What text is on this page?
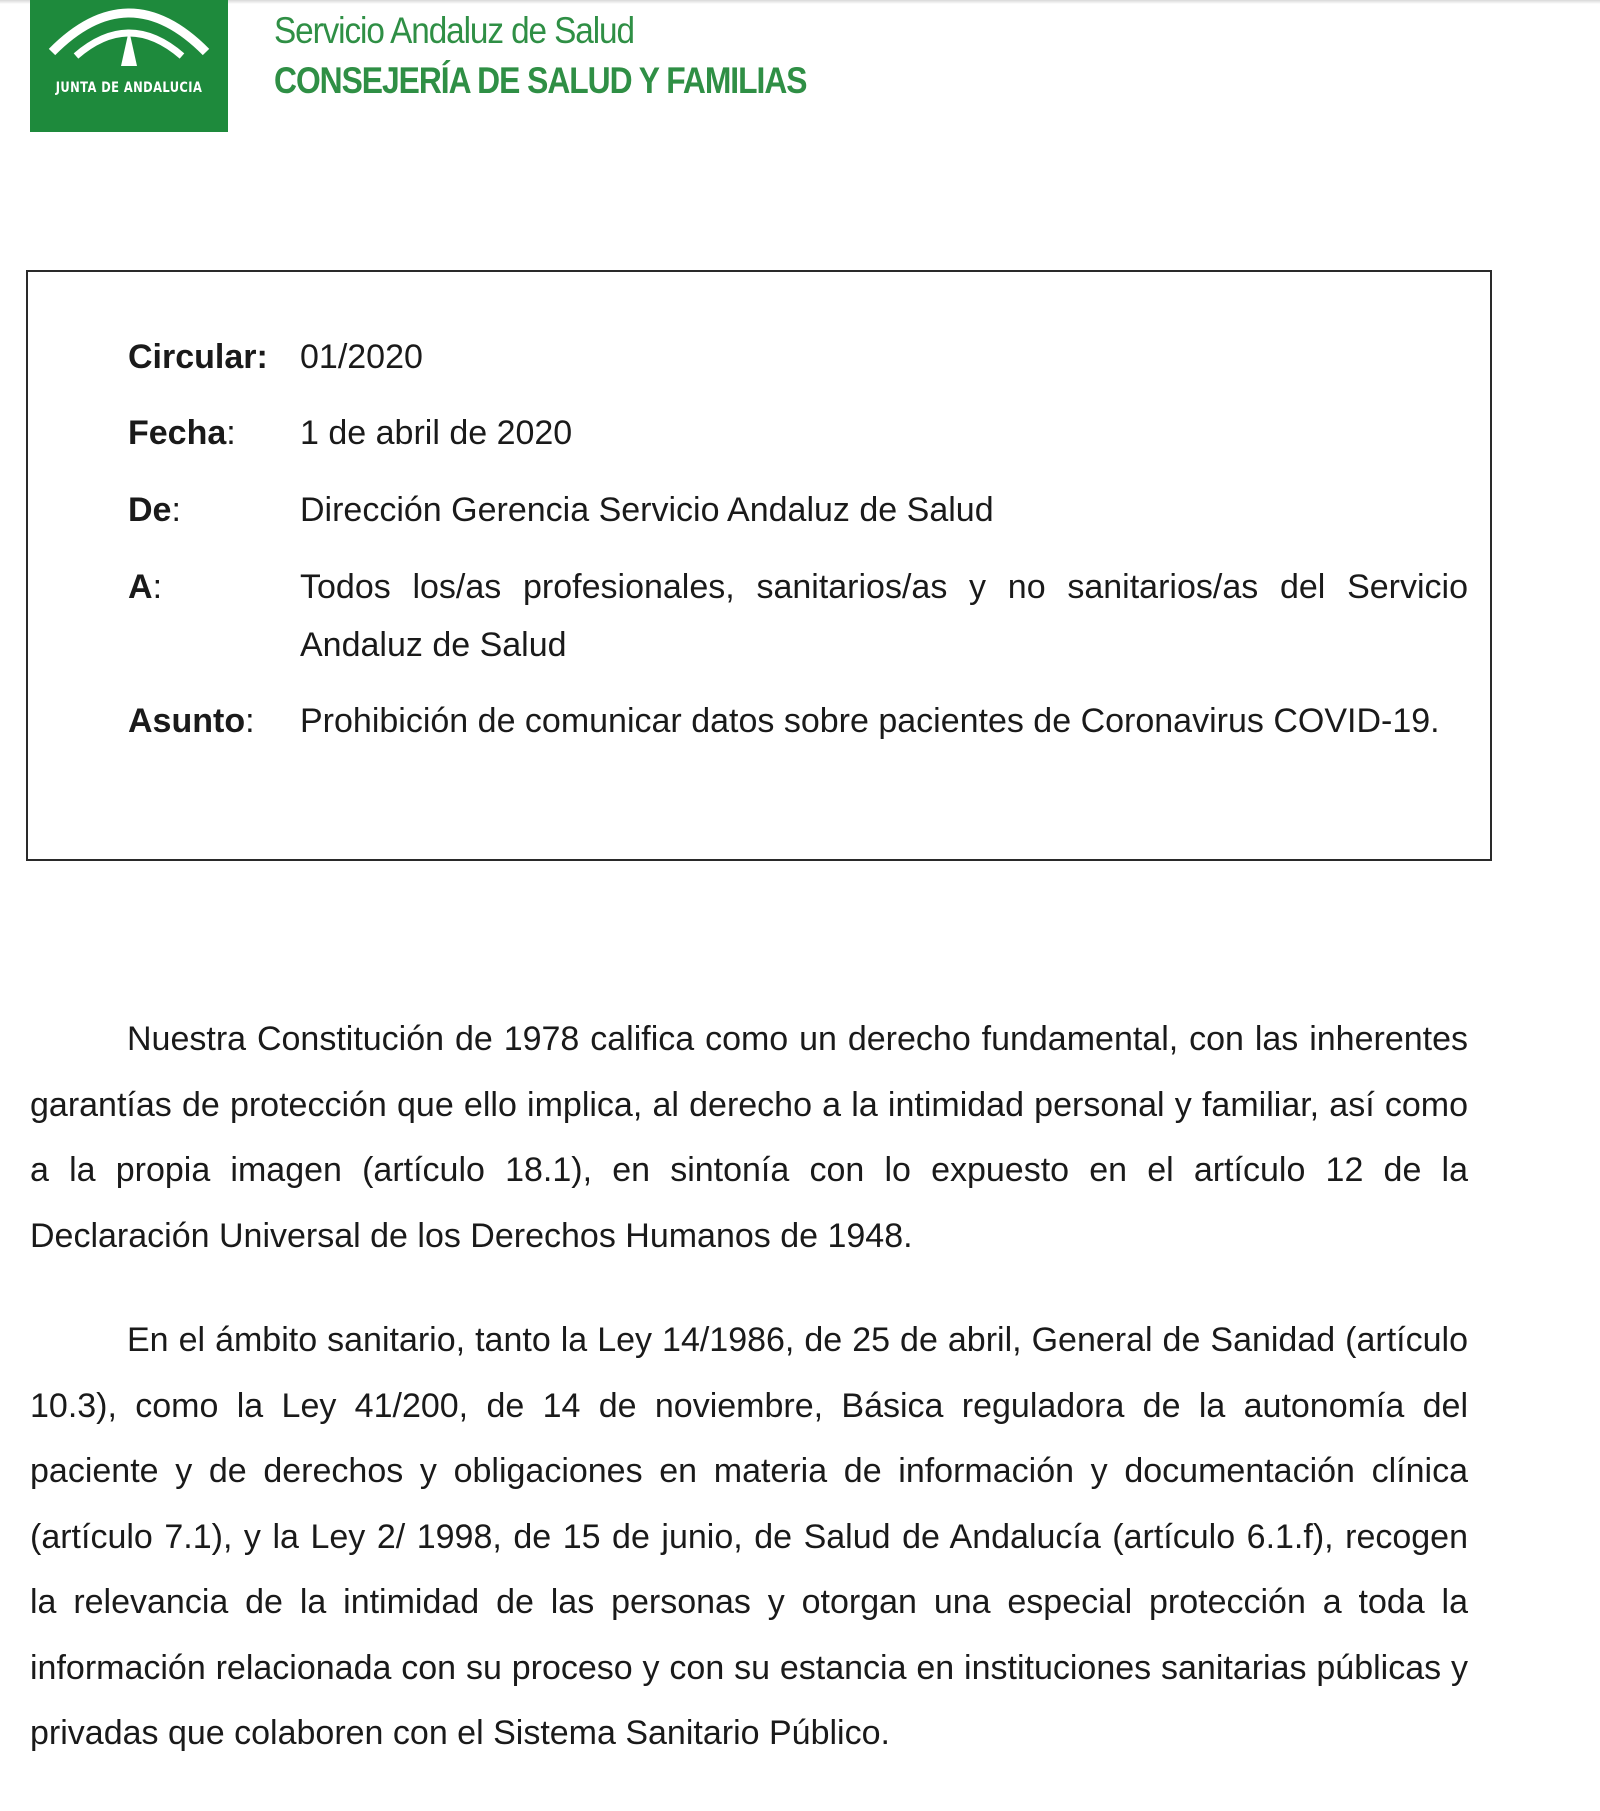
JUNTA DE ANDALUCIA
Servicio Andaluz de Salud
CONSEJERÍA DE SALUD Y FAMILIAS
Circular: 01/2020
Fecha: 1 de abril de 2020
De:	Dirección Gerencia Servicio Andaluz de Salud
A:	Todos los/as profesionales, sanitarios/as y no sanitarios/as del Servicio Andaluz de Salud
Asunto: Prohibición de comunicar datos sobre pacientes de Coronavirus COVID-19.

Nuestra Constitución de 1978 califica como un derecho fundamental, con las inherentes garantías de protección que ello implica, al derecho a la intimidad personal y familiar, así como a la propia imagen (artículo 18.1), en sintonía con lo expuesto en el artículo 12 de la Declaración Universal de los Derechos Humanos de 1948.

En el ámbito sanitario, tanto la Ley 14/1986, de 25 de abril, General de Sanidad (artículo 10.3), como la Ley 41/200, de 14 de noviembre, Básica reguladora de la autonomía del paciente y de derechos y obligaciones en materia de información y documentación clínica (artículo 7.1), y la Ley 2/ 1998, de 15 de junio, de Salud de Andalucía (artículo 6.1.f), recogen la relevancia de la intimidad de las personas y otorgan una especial protección a toda la información relacionada con su proceso y con su estancia en instituciones sanitarias públicas y privadas que colaboren con el Sistema Sanitario Público.
